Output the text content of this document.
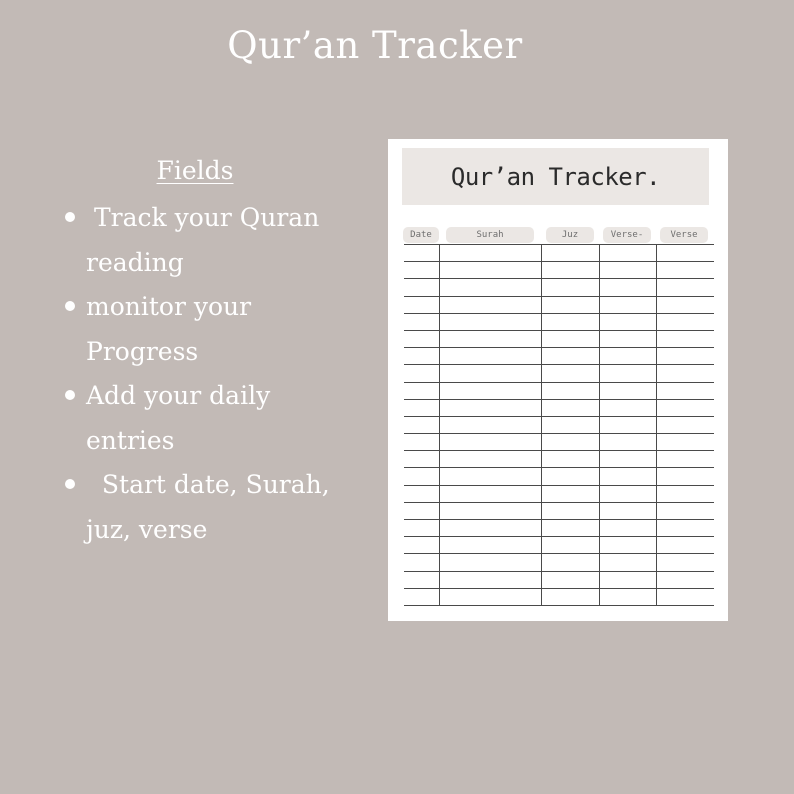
Qur’an Tracker
Fields
Track your Quran
reading
monitor your
Progress
Add your daily
entries
Start date, Surah,
juz, verse
Qur’an Tracker.
Date	Surah	Juz	Verse-	Verse
